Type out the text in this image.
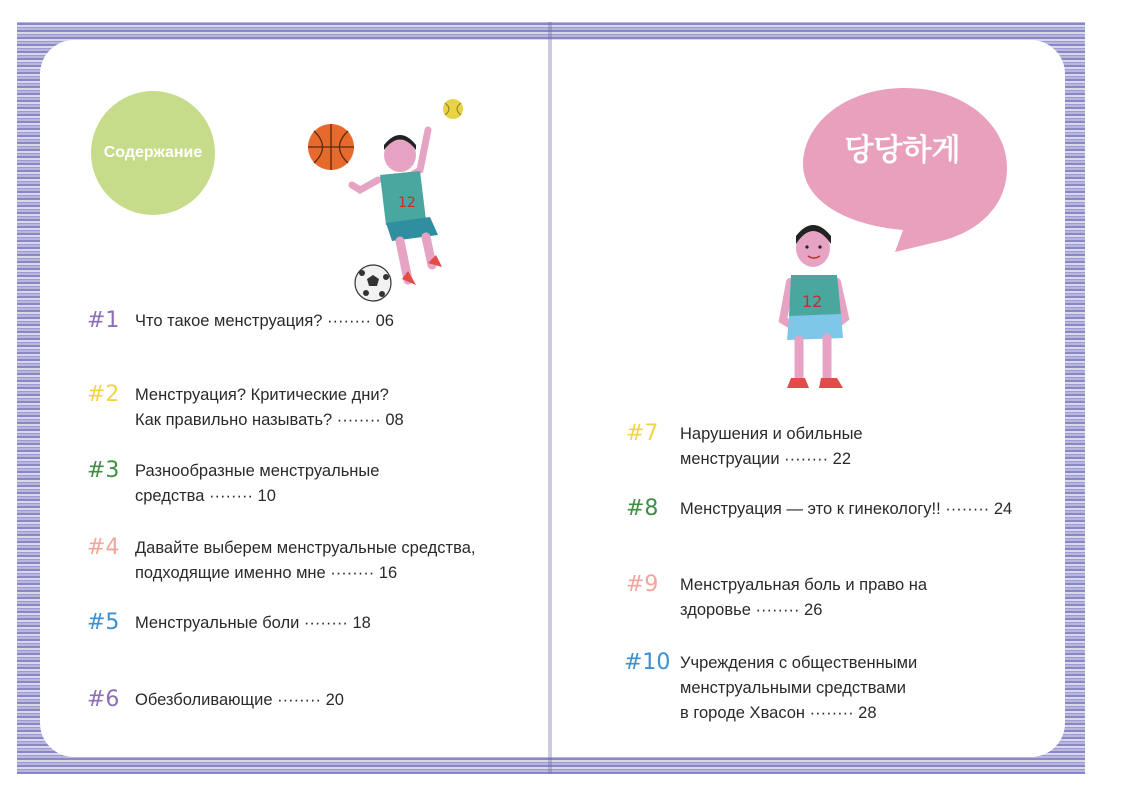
Содержание	당당하게
12
12
#1 Что такое менструация? ········ 06
#2 Менструация? Критические дни?
Как правильно называть? ········ 08
#3 Разнообразные менструальные
средства ········ 10
#4 Давайте выберем менструальные средства,
подходящие именно мне ········ 16
#5 Менструальные боли ········ 18
#6 Обезболивающие ········ 20
#7	Нарушения и обильные
менструации ········ 22
#8	Менструация — это к гинекологу!! ········ 24
#9	Менструальная боль и право на
здоровье ········ 26
#10 Учреждения с общественными
менструальными средствами
в городе Хвасон ········ 28
